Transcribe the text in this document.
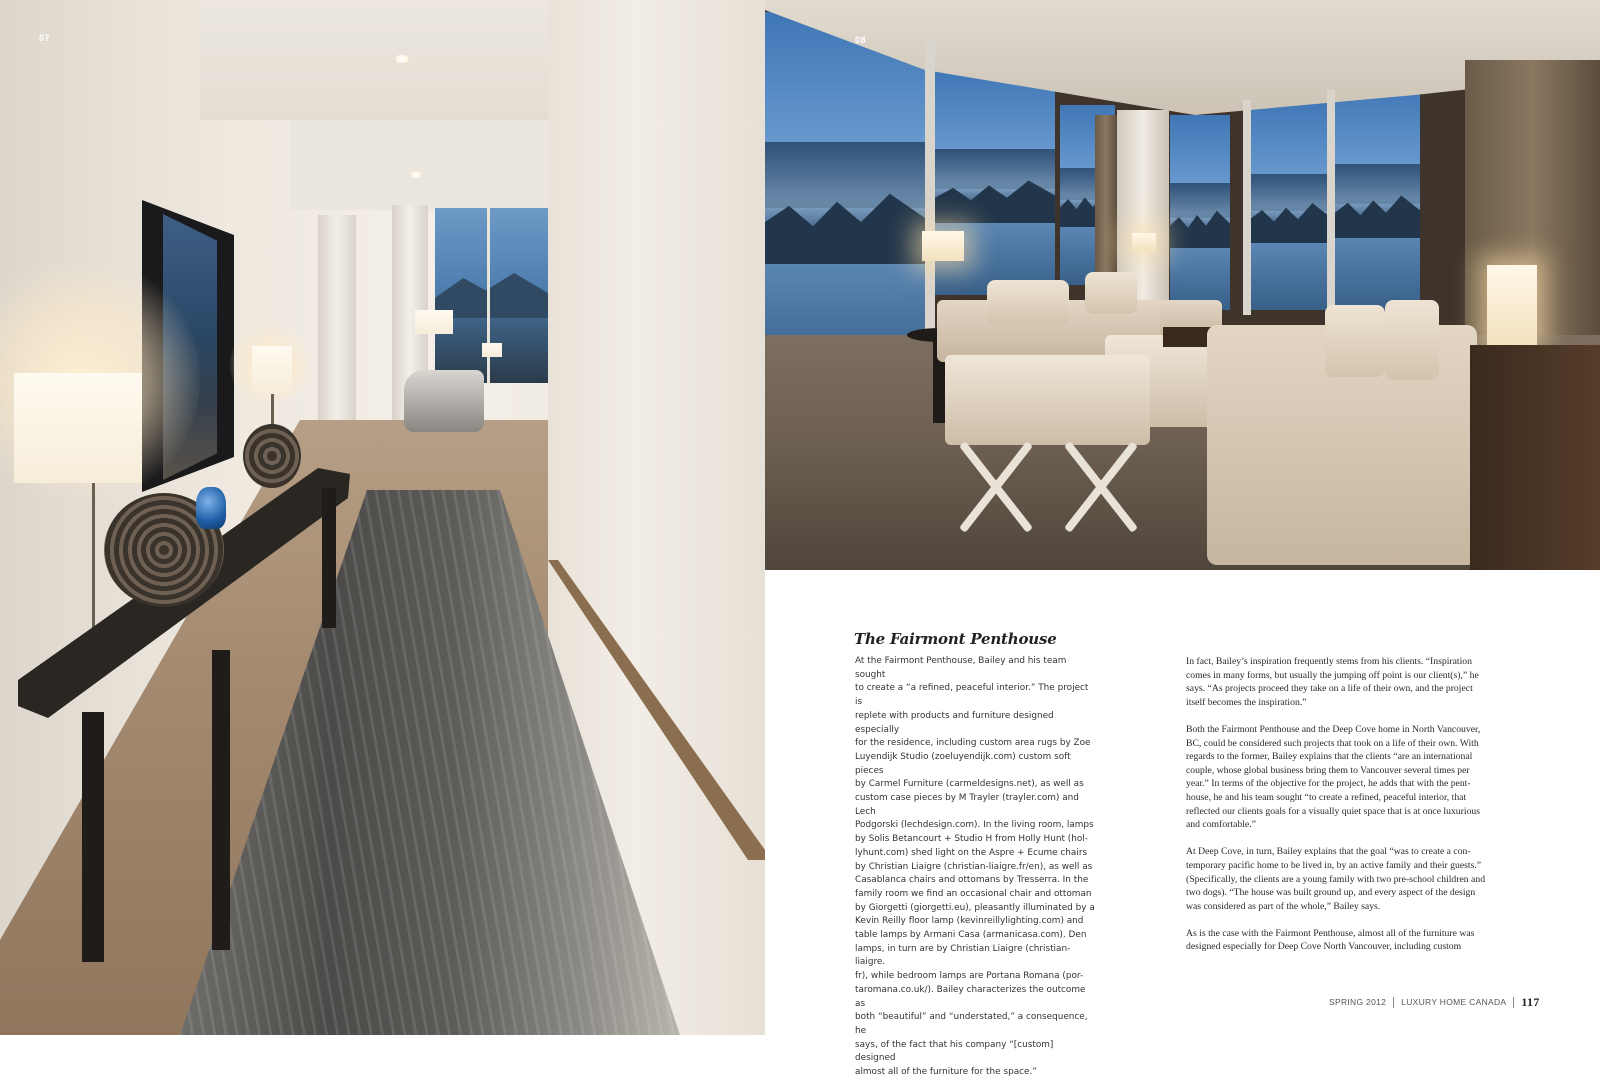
07	08
The Fairmont Penthouse
At the Fairmont Penthouse, Bailey and his team sought
to create a “a refined, peaceful interior.” The project is
replete with products and furniture designed especially
for the residence, including custom area rugs by Zoe
Luyendijk Studio (zoeluyendijk.com) custom soft pieces
by Carmel Furniture (carmeldesigns.net), as well as
custom case pieces by M Trayler (trayler.com) and Lech
Podgorski (lechdesign.com). In the living room, lamps
by Solis Betancourt + Studio H from Holly Hunt (hol-
lyhunt.com) shed light on the Aspre + Ecume chairs
by Christian Liaigre (christian-liaigre.fr/en), as well as
Casablanca chairs and ottomans by Tresserra. In the
family room we find an occasional chair and ottoman
by Giorgetti (giorgetti.eu), pleasantly illuminated by a
Kevin Reilly floor lamp (kevinreillylighting.com) and
table lamps by Armani Casa (armanicasa.com). Den
lamps, in turn are by Christian Liaigre (christian-liaigre.
fr), while bedroom lamps are Portana Romana (por-
taromana.co.uk/). Bailey characterizes the outcome as
both “beautiful” and “understated,” a consequence, he
says, of the fact that his company “[custom] designed
almost all of the furniture for the space.”

In fact, Bailey’s inspiration frequently stems from his clients. “Inspiration
comes in many forms, but usually the jumping off point is our client(s),” he
says. “As projects proceed they take on a life of their own, and the project
itself becomes the inspiration.”

Both the Fairmont Penthouse and the Deep Cove home in North Vancouver,
BC, could be considered such projects that took on a life of their own. With
regards to the former, Bailey explains that the clients “are an international
couple, whose global business bring them to Vancouver several times per
year.” In terms of the objective for the project, he adds that with the pent-
house, he and his team sought “to create a refined, peaceful interior, that
reflected our clients goals for a visually quiet space that is at once luxurious
and comfortable.”

At Deep Cove, in turn, Bailey explains that the goal “was to create a con-
temporary pacific home to be lived in, by an active family and their guests.”
(Specifically, the clients are a young family with two pre-school children and
two dogs). “The house was built ground up, and every aspect of the design
was considered as part of the whole,” Bailey says.

As is the case with the Fairmont Penthouse, almost all of the furniture was
designed especially for Deep Cove North Vancouver, including custom

SPRING 2012 LUXURY HOME CANADA 117
